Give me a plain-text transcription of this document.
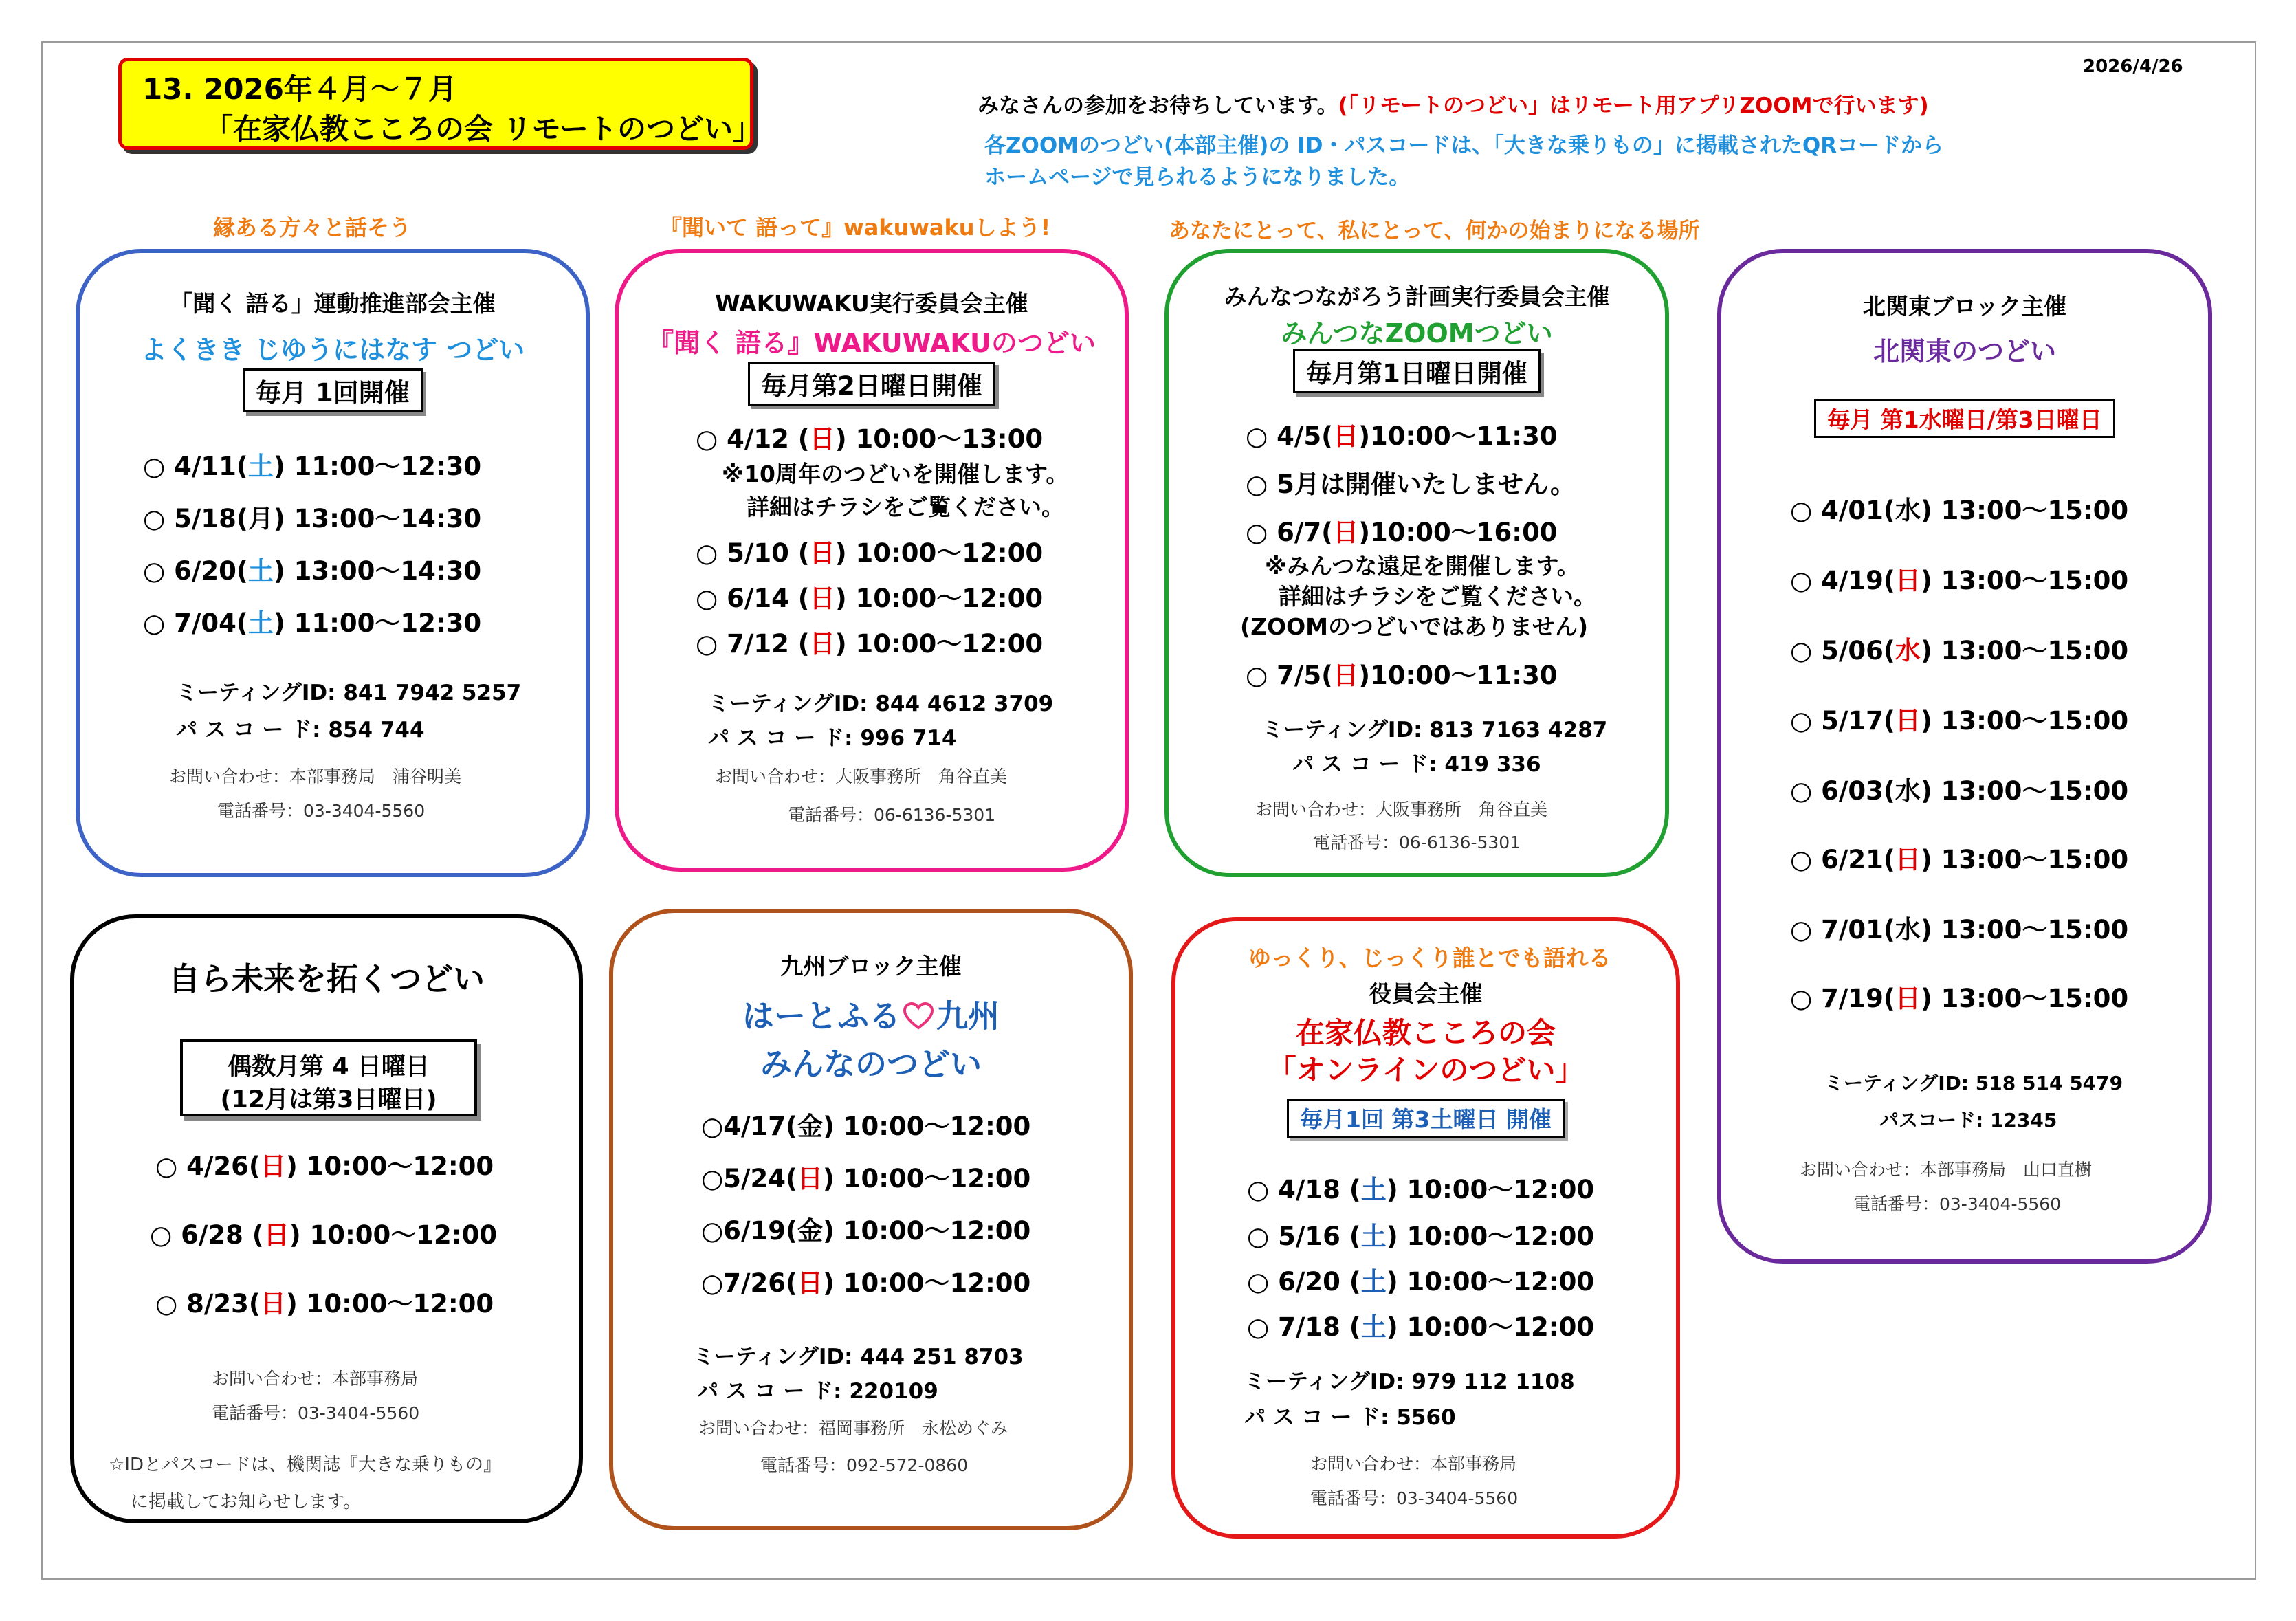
2026/4/26
13. 2026年４月～７月
「在家仏教こころの会 リモートのつどい」
みなさんの参加をお待ちしています。(「リモートのつどい」はリモート用アプリZOOMで行います)
各ZOOMのつどい(本部主催)の ID・パスコードは、「大きな乗りもの」に掲載されたQRコードから
ホームページで見られるようになりました。
縁ある方々と話そう	『聞いて 語って』wakuwakuしよう!	あなたにとって、私にとって、何かの始まりになる場所
「聞く 語る」運動推進部会主催
よくきき じゆうにはなす つどい
毎月 1回開催
○ 4/11(土) 11:00～12:30
○ 5/18(月) 13:00～14:30
○ 6/20(土) 13:00～14:30
○ 7/04(土) 11:00～12:30
ミーティングID: 841 7942 5257
パ ス コ ー ド: 854 744
お問い合わせ：本部事務局　浦谷明美
電話番号：03-3404-5560
WAKUWAKU実行委員会主催
『聞く 語る』WAKUWAKUのつどい
毎月第2日曜日開催
○ 4/12 (日) 10:00～13:00
※10周年のつどいを開催します。
詳細はチラシをご覧ください。
○ 5/10 (日) 10:00～12:00
○ 6/14 (日) 10:00～12:00
○ 7/12 (日) 10:00～12:00
ミーティングID: 844 4612 3709
パ ス コ ー ド: 996 714
お問い合わせ：大阪事務所　角谷直美
電話番号：06-6136-5301
みんなつながろう計画実行委員会主催
みんつなZOOMつどい
毎月第1日曜日開催
○ 4/5(日)10:00～11:30
○ 5月は開催いたしません。
○ 6/7(日)10:00～16:00
※みんつな遠足を開催します。
詳細はチラシをご覧ください。
(ZOOMのつどいではありません)
○ 7/5(日)10:00～11:30
ミーティングID: 813 7163 4287
パ ス コ ー ド: 419 336
お問い合わせ：大阪事務所　角谷直美
電話番号：06-6136-5301
北関東ブロック主催
北関東のつどい
毎月 第1水曜日/第3日曜日
○ 4/01(水) 13:00～15:00
○ 4/19(日) 13:00～15:00
○ 5/06(水) 13:00～15:00
○ 5/17(日) 13:00～15:00
○ 6/03(水) 13:00～15:00
○ 6/21(日) 13:00～15:00
○ 7/01(水) 13:00～15:00
○ 7/19(日) 13:00～15:00
ミーティングID: 518 514 5479
パスコード: 12345
お問い合わせ：本部事務局　山口直樹
電話番号：03-3404-5560
自ら未来を拓くつどい
偶数月第 4 日曜日
(12月は第3日曜日)
○ 4/26(日) 10:00～12:00
○ 6/28 (日) 10:00～12:00
○ 8/23(日) 10:00～12:00
お問い合わせ：本部事務局
電話番号：03-3404-5560
☆IDとパスコードは、機関誌『大きな乗りもの』
に掲載してお知らせします。
九州ブロック主催
はーとふる 九州
みんなのつどい
○4/17(金) 10:00～12:00
○5/24(日) 10:00～12:00
○6/19(金) 10:00～12:00
○7/26(日) 10:00～12:00
ミーティングID: 444 251 8703
パ ス コ ー ド: 220109
お問い合わせ：福岡事務所　永松めぐみ
電話番号：092-572-0860
ゆっくり、じっくり誰とでも語れる
役員会主催
在家仏教こころの会
「オンラインのつどい」
毎月1回 第3土曜日 開催
○ 4/18 (土) 10:00～12:00
○ 5/16 (土) 10:00～12:00
○ 6/20 (土) 10:00～12:00
○ 7/18 (土) 10:00～12:00
ミーティングID: 979 112 1108
パ ス コ ー ド: 5560
お問い合わせ：本部事務局
電話番号：03-3404-5560
